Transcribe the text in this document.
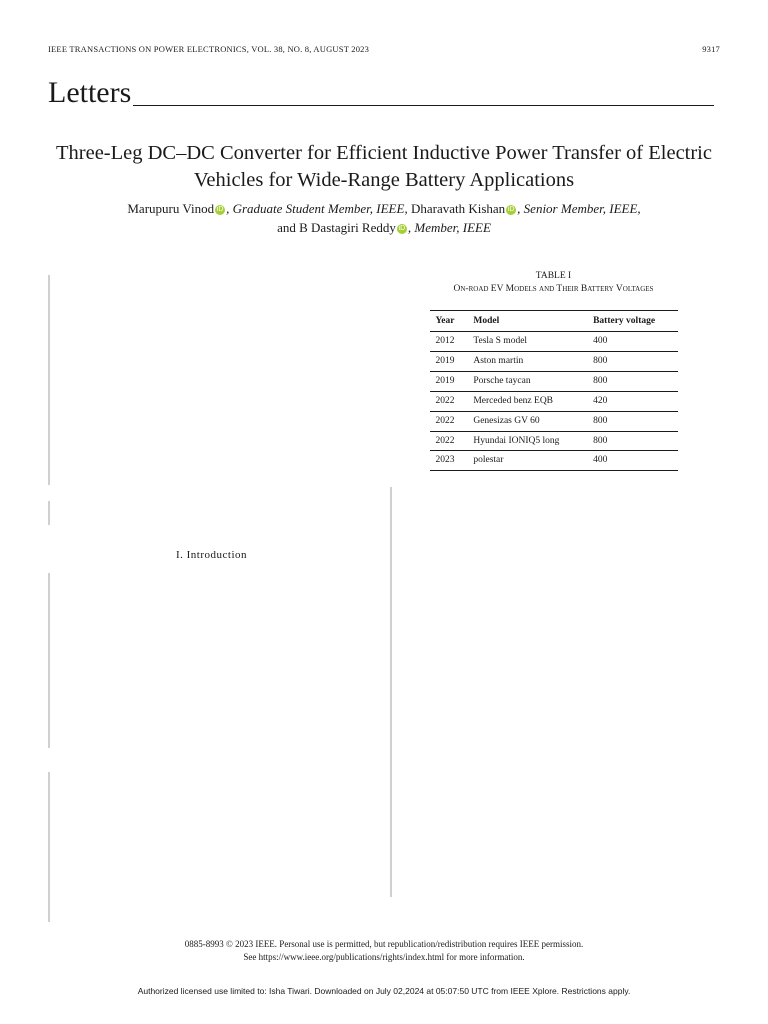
IEEE TRANSACTIONS ON POWER ELECTRONICS, VOL. 38, NO. 8, AUGUST 2023	9317
Letters
Three-Leg DC–DC Converter for Efficient Inductive Power Transfer of Electric Vehicles for Wide-Range Battery Applications
Marupuru Vinod iD , Graduate Student Member, IEEE, Dharavath Kishan iD , Senior Member, IEEE,
and B Dastagiri Reddy iD , Member, IEEE
I. Introduction
TABLE I
On-road EV Models and Their Battery Voltages
Year	Model	Battery voltage
2012	Tesla S model	400
2019	Aston martin	800
2019	Porsche taycan	800
2022	Merceded benz EQB	420
2022	Genesizas GV 60	800
2022	Hyundai IONIQ5 long	800
2023	polestar	400
0885-8993 © 2023 IEEE. Personal use is permitted, but republication/redistribution requires IEEE permission.
See https://www.ieee.org/publications/rights/index.html for more information.
Authorized licensed use limited to: Isha Tiwari. Downloaded on July 02,2024 at 05:07:50 UTC from IEEE Xplore. Restrictions apply.
